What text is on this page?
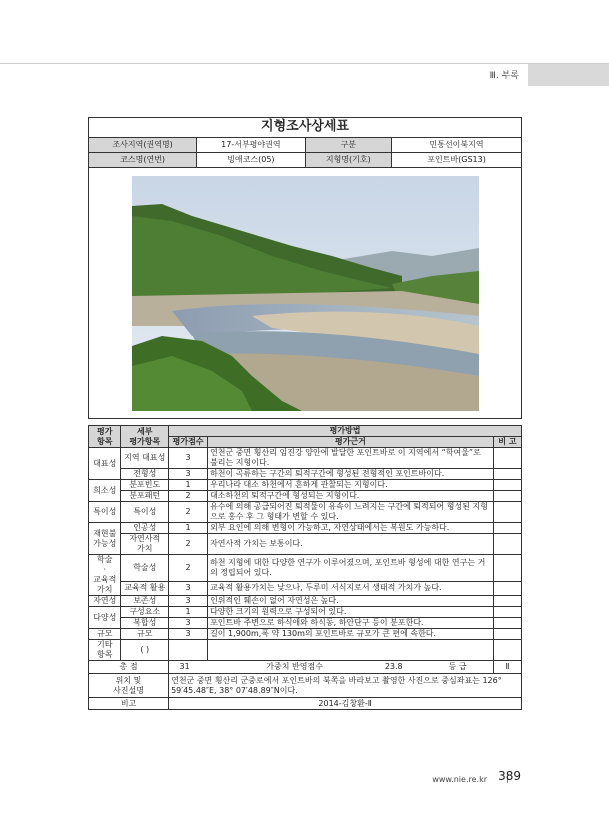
Ⅲ. 부록
지형조사상세표			
조사지역(권역명)	17-서부평야권역	구분	민통선이북지역
코스명(연번)	빙애코스(05)	지형명(기호)	포인트바(GS13)

평가
항목	세부
평가항목	평가방법		
		평가점수	평가근거	비 고
대표성	지역 대표성	3	연천군 중면 횡산리 임진강 양안에 발달한 포인트바로 이 지역에서 “학여울”로 불리는 지형이다.	
	전형성	3	하천이 곡류하는 구간의 퇴적구간에 형성된 전형적인 포인트바이다.	
희소성	분포빈도	1	우리나라 대소 하천에서 흔하게 관찰되는 지형이다.	
	분포패턴	2	대소하천의 퇴적구간에 형성되는 지형이다.	
특이성	특이성	2	유수에 의해 공급되어진 퇴적물이 유속이 느려지는 구간에 퇴적되어 형성된 지형으로 홍수 후 그 형태가 변할 수 있다.	
재현불
가능성	인공성	1	외부 요인에 의해 변형이 가능하고, 자연상태에서는 복원도 가능하다.	
	자연사적
가치	2	자연사적 가치는 보통이다.	
학술
·
교육적
가치	학술성	2	하천 지형에 대한 다양한 연구가 이루어졌으며, 포인트바 형성에 대한 연구는 거의 정립되어 있다.	
	교육적 활용	3	교육적 활용가치는 낮으나, 두루미 서식지로서 생태적 가치가 높다.	
자연성	보존성	3	인위적인 훼손이 없어 자연성은 높다.	
다양성	구성요소	1	다양한 크기의 원력으로 구성되어 있다.	
	복합성	3	포인트바 주변으로 하식애와 하식동, 하안단구 등이 분포한다.	
규모	규모	3	길이 1,900m,폭 약 130m의 포인트바로 규모가 큰 편에 속한다.	
기타
항목	( )			
총 점		31 가중치 반영점수 23.8 등 급		Ⅱ
위치 및
사진설명		연천군 중면 횡산리 군중로에서 포인트바의 북쪽을 바라보고 촬영한 사진으로 중심좌표는 126° 59′45.48″E, 38° 07′48.89″N이다.		
비고		2014-김창환-Ⅱ		
www.nie.re.kr 389
